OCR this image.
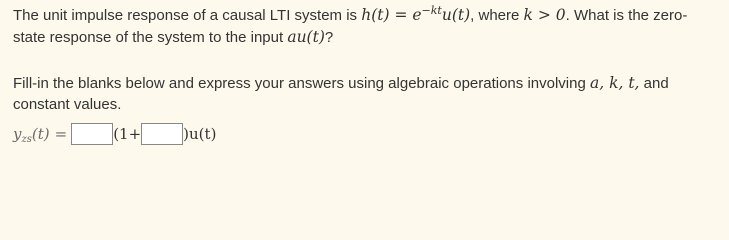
The unit impulse response of a causal LTI system is $h(t) = e^{-kt}u(t)$, where k > 0. What is the zero-
state response of the system to the input au(t)?

Fill-in the blanks below and express your answers using algebraic operations involving a, k, t, and constant values.

$y_{zs}(t)$ =	(1+	)u(t)
